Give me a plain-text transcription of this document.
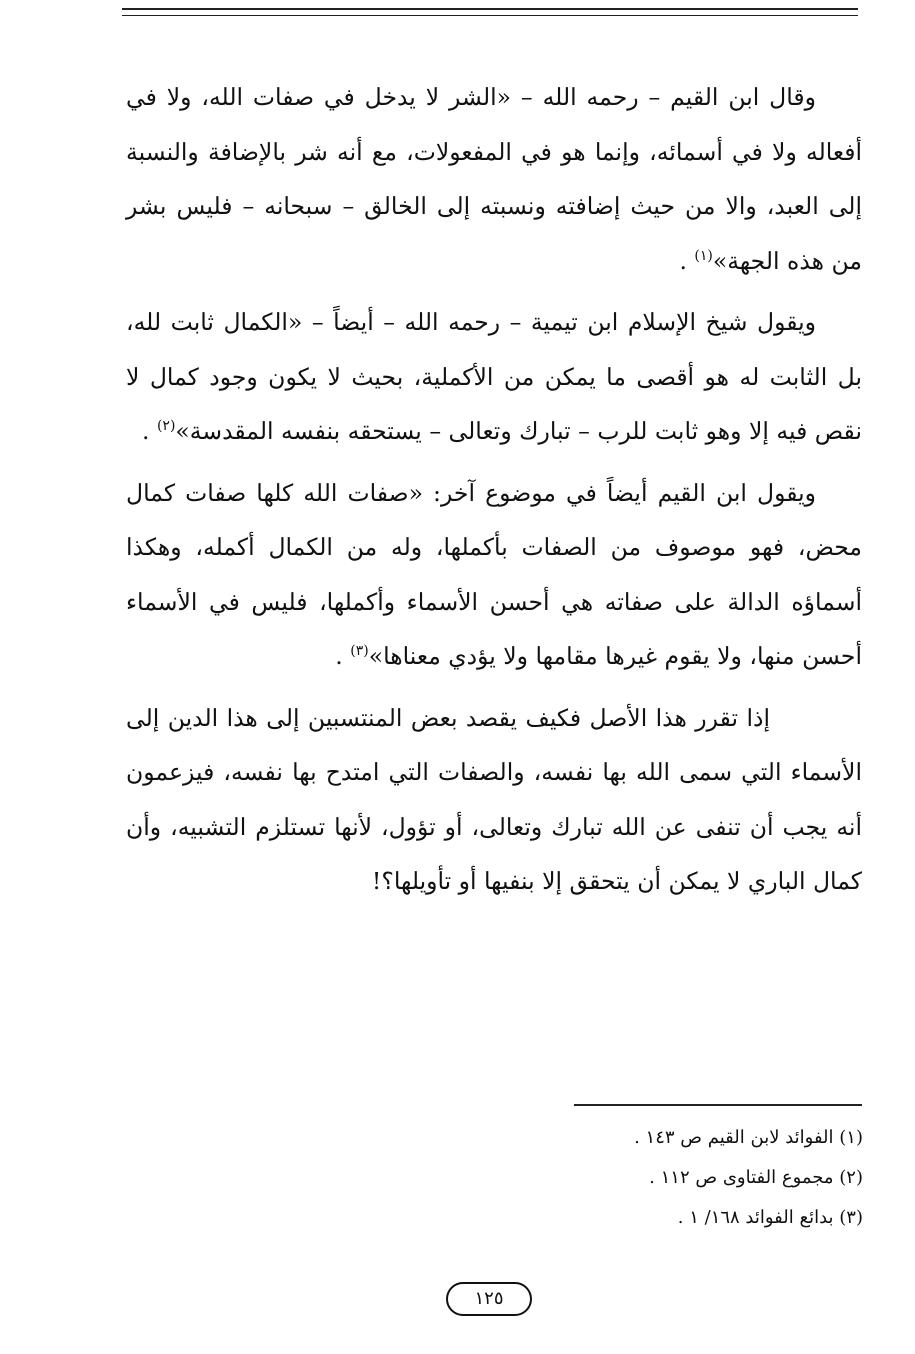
وقال ابن القيم – رحمه الله – «الشر لا يدخل في صفات الله، ولا في أفعاله ولا في أسمائه، وإنما هو في المفعولات، مع أنه شر بالإضافة والنسبة إلى العبد، والا من حيث إضافته ونسبته إلى الخالق – سبحانه – فليس بشر من هذه الجهة»$^{(١)}$ .

ويقول شيخ الإسلام ابن تيمية – رحمه الله – أيضاً – «الكمال ثابت لله، بل الثابت له هو أقصى ما يمكن من الأكملية، بحيث لا يكون وجود كمال لا نقص فيه إلا وهو ثابت للرب – تبارك وتعالى – يستحقه بنفسه المقدسة»$^{(٢)}$ .

ويقول ابن القيم أيضاً في موضوع آخر: «صفات الله كلها صفات كمال محض، فهو موصوف من الصفات بأكملها، وله من الكمال أكمله، وهكذا أسماؤه الدالة على صفاته هي أحسن الأسماء وأكملها، فليس في الأسماء أحسن منها، ولا يقوم غيرها مقامها ولا يؤدي معناها»$^{(٣)}$ .

إذا تقرر هذا الأصل فكيف يقصد بعض المنتسبين إلى هذا الدين إلى الأسماء التي سمى الله بها نفسه، والصفات التي امتدح بها نفسه، فيزعمون أنه يجب أن تنفى عن الله تبارك وتعالى، أو تؤول، لأنها تستلزم التشبيه، وأن كمال الباري لا يمكن أن يتحقق إلا بنفيها أو تأويلها؟!

(١) الفوائد لابن القيم ص ١٤٣ .
(٢) مجموع الفتاوى ص ١١٢ .
(٣) بدائع الفوائد ١٦٨/ ١ .
١٢٥
